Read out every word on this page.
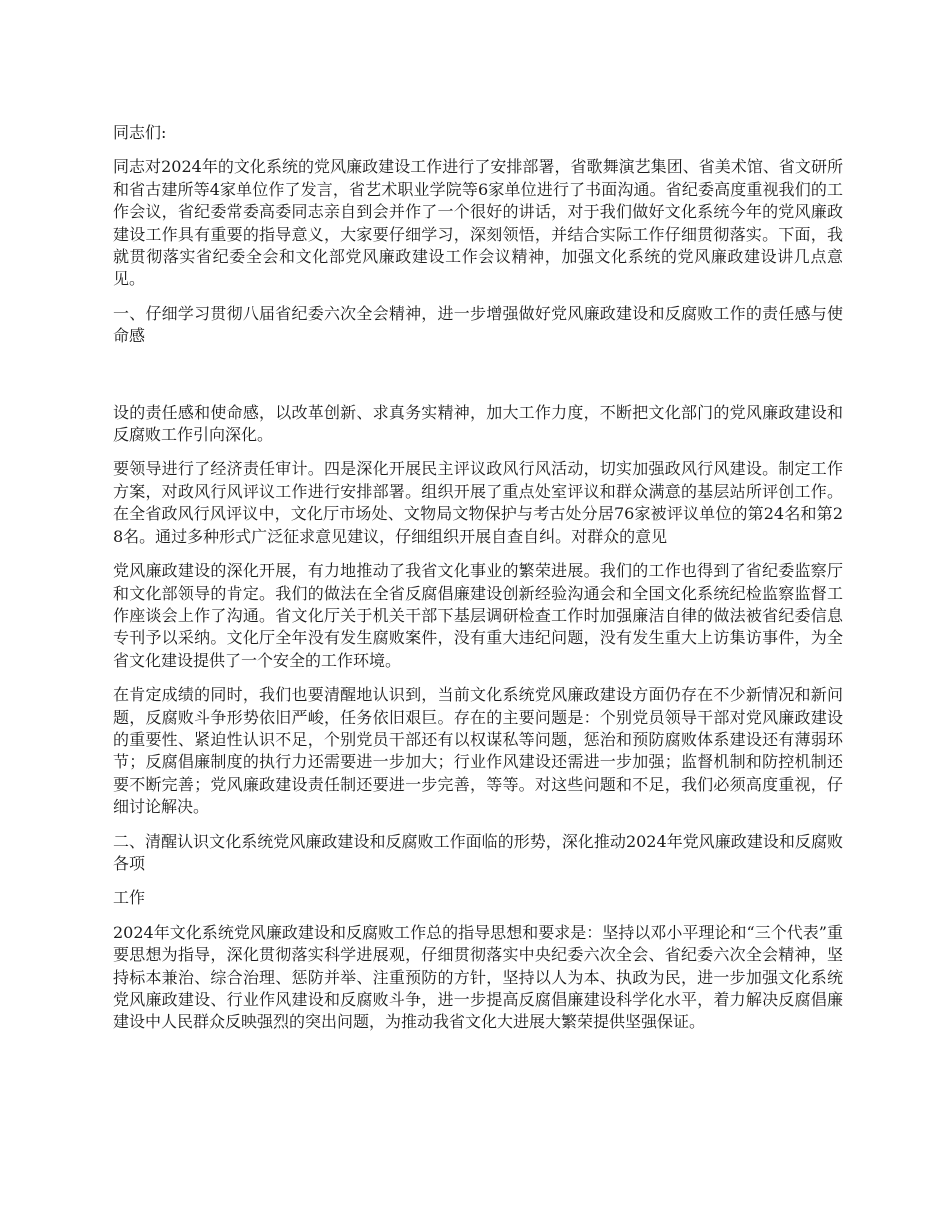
同志们:

同志对2024年的文化系统的党风廉政建设工作进行了安排部署，省歌舞演艺集团、省美术馆、省文研所和省古建所等4家单位作了发言，省艺术职业学院等6家单位进行了书面沟通。省纪委高度重视我们的工作会议，省纪委常委高委同志亲自到会并作了一个很好的讲话，对于我们做好文化系统今年的党风廉政建设工作具有重要的指导意义，大家要仔细学习，深刻领悟，并结合实际工作仔细贯彻落实。下面，我就贯彻落实省纪委全会和文化部党风廉政建设工作会议精神，加强文化系统的党风廉政建设讲几点意见。

一、仔细学习贯彻八届省纪委六次全会精神，进一步增强做好党风廉政建设和反腐败工作的责任感与使命感

设的责任感和使命感，以改革创新、求真务实精神，加大工作力度，不断把文化部门的党风廉政建设和反腐败工作引向深化。

要领导进行了经济责任审计。四是深化开展民主评议政风行风活动，切实加强政风行风建设。制定工作方案，对政风行风评议工作进行安排部署。组织开展了重点处室评议和群众满意的基层站所评创工作。在全省政风行风评议中，文化厅市场处、文物局文物保护与考古处分居76家被评议单位的第24名和第28名。通过多种形式广泛征求意见建议，仔细组织开展自查自纠。对群众的意见

党风廉政建设的深化开展，有力地推动了我省文化事业的繁荣进展。我们的工作也得到了省纪委监察厅和文化部领导的肯定。我们的做法在全省反腐倡廉建设创新经验沟通会和全国文化系统纪检监察监督工作座谈会上作了沟通。省文化厅关于机关干部下基层调研检查工作时加强廉洁自律的做法被省纪委信息专刊予以采纳。文化厅全年没有发生腐败案件，没有重大违纪问题，没有发生重大上访集访事件，为全省文化建设提供了一个安全的工作环境。

在肯定成绩的同时，我们也要清醒地认识到，当前文化系统党风廉政建设方面仍存在不少新情况和新问题，反腐败斗争形势依旧严峻，任务依旧艰巨。存在的主要问题是：个别党员领导干部对党风廉政建设的重要性、紧迫性认识不足，个别党员干部还有以权谋私等问题，惩治和预防腐败体系建设还有薄弱环节；反腐倡廉制度的执行力还需要进一步加大；行业作风建设还需进一步加强；监督机制和防控机制还要不断完善；党风廉政建设责任制还要进一步完善，等等。对这些问题和不足，我们必须高度重视，仔细讨论解决。

二、清醒认识文化系统党风廉政建设和反腐败工作面临的形势，深化推动2024年党风廉政建设和反腐败各项

工作

2024年文化系统党风廉政建设和反腐败工作总的指导思想和要求是：坚持以邓小平理论和“三个代表”重要思想为指导，深化贯彻落实科学进展观，仔细贯彻落实中央纪委六次全会、省纪委六次全会精神，坚持标本兼治、综合治理、惩防并举、注重预防的方针，坚持以人为本、执政为民，进一步加强文化系统党风廉政建设、行业作风建设和反腐败斗争，进一步提高反腐倡廉建设科学化水平，着力解决反腐倡廉建设中人民群众反映强烈的突出问题，为推动我省文化大进展大繁荣提供坚强保证。
